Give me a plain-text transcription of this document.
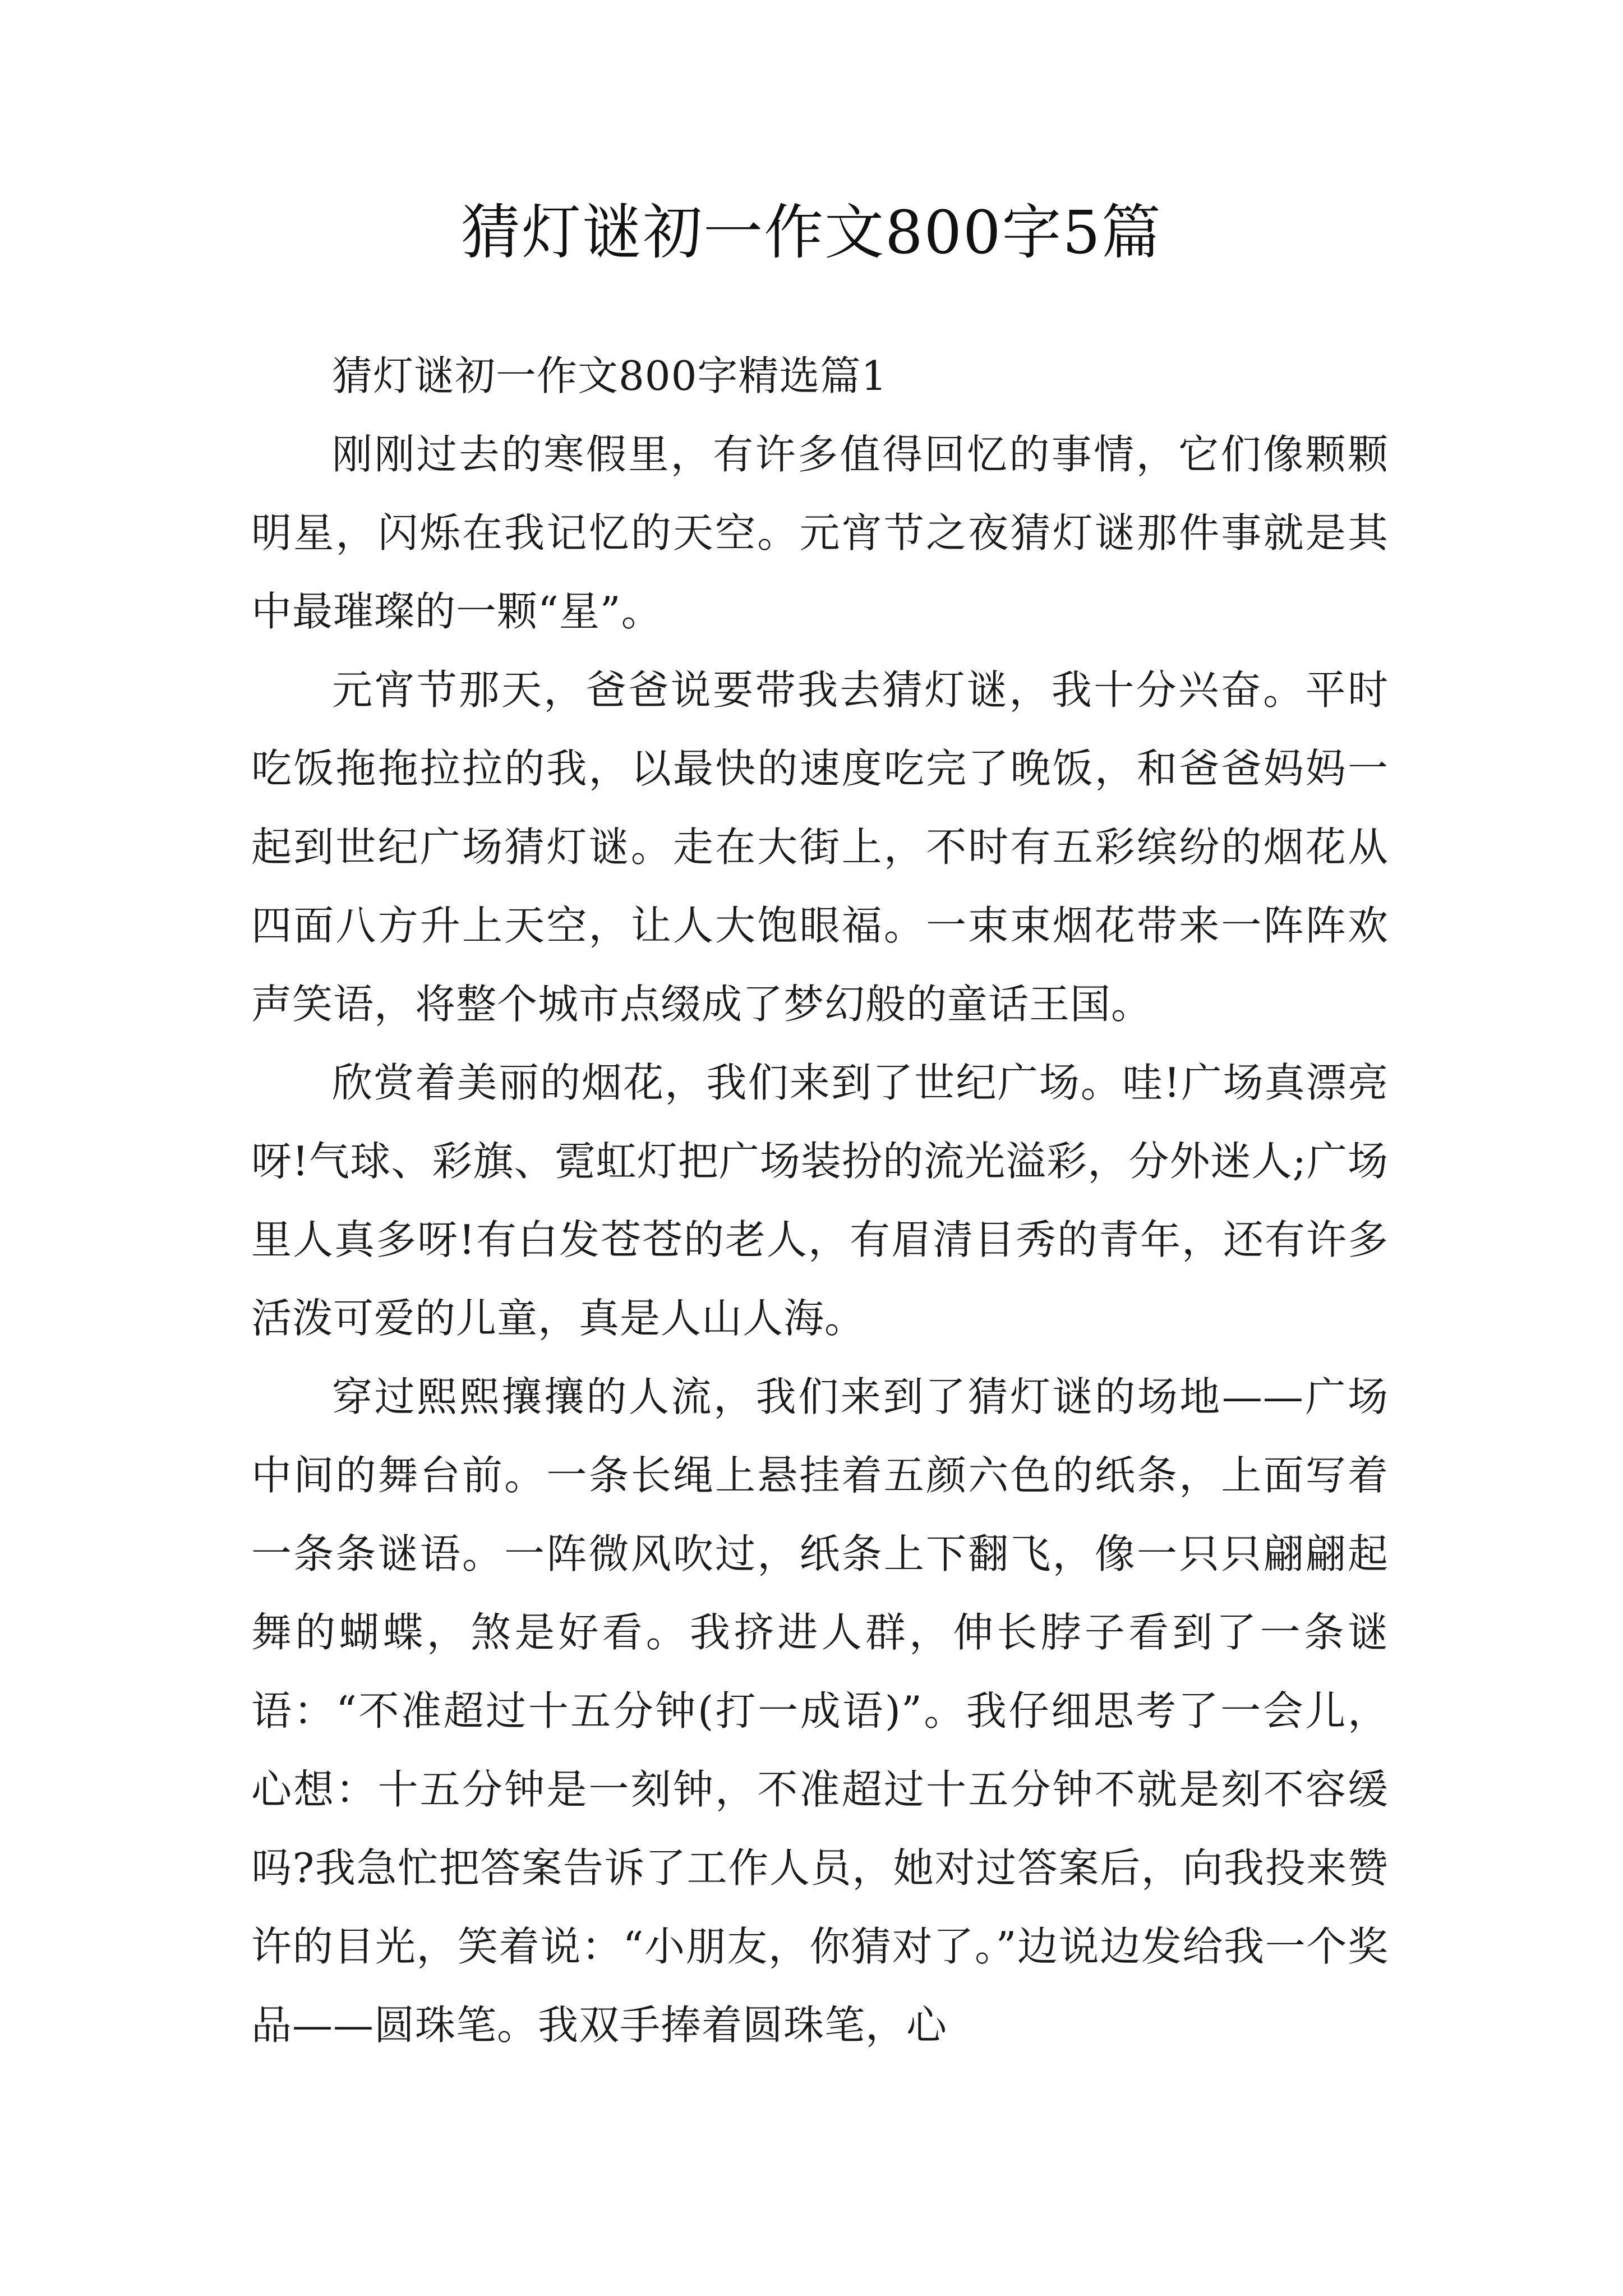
猜灯谜初一作文800字5篇
猜灯谜初一作文800字精选篇1

刚刚过去的寒假里，有许多值得回忆的事情，它们像颗颗明星，闪烁在我记忆的天空。元宵节之夜猜灯谜那件事就是其中最璀璨的一颗“星”。

元宵节那天，爸爸说要带我去猜灯谜，我十分兴奋。平时吃饭拖拖拉拉的我，以最快的速度吃完了晚饭，和爸爸妈妈一起到世纪广场猜灯谜。走在大街上，不时有五彩缤纷的烟花从四面八方升上天空，让人大饱眼福。一束束烟花带来一阵阵欢声笑语，将整个城市点缀成了梦幻般的童话王国。

欣赏着美丽的烟花，我们来到了世纪广场。哇!广场真漂亮呀!气球、彩旗、霓虹灯把广场装扮的流光溢彩，分外迷人;广场里人真多呀!有白发苍苍的老人，有眉清目秀的青年，还有许多活泼可爱的儿童，真是人山人海。

穿过熙熙攘攘的人流，我们来到了猜灯谜的场地——广场中间的舞台前。一条长绳上悬挂着五颜六色的纸条，上面写着一条条谜语。一阵微风吹过，纸条上下翻飞，像一只只翩翩起舞的蝴蝶，煞是好看。我挤进人群，伸长脖子看到了一条谜语：“不准超过十五分钟(打一成语)”。我仔细思考了一会儿，心想：十五分钟是一刻钟，不准超过十五分钟不就是刻不容缓吗?我急忙把答案告诉了工作人员，她对过答案后，向我投来赞许的目光，笑着说：“小朋友，你猜对了。”边说边发给我一个奖品——圆珠笔。我双手捧着圆珠笔，心
